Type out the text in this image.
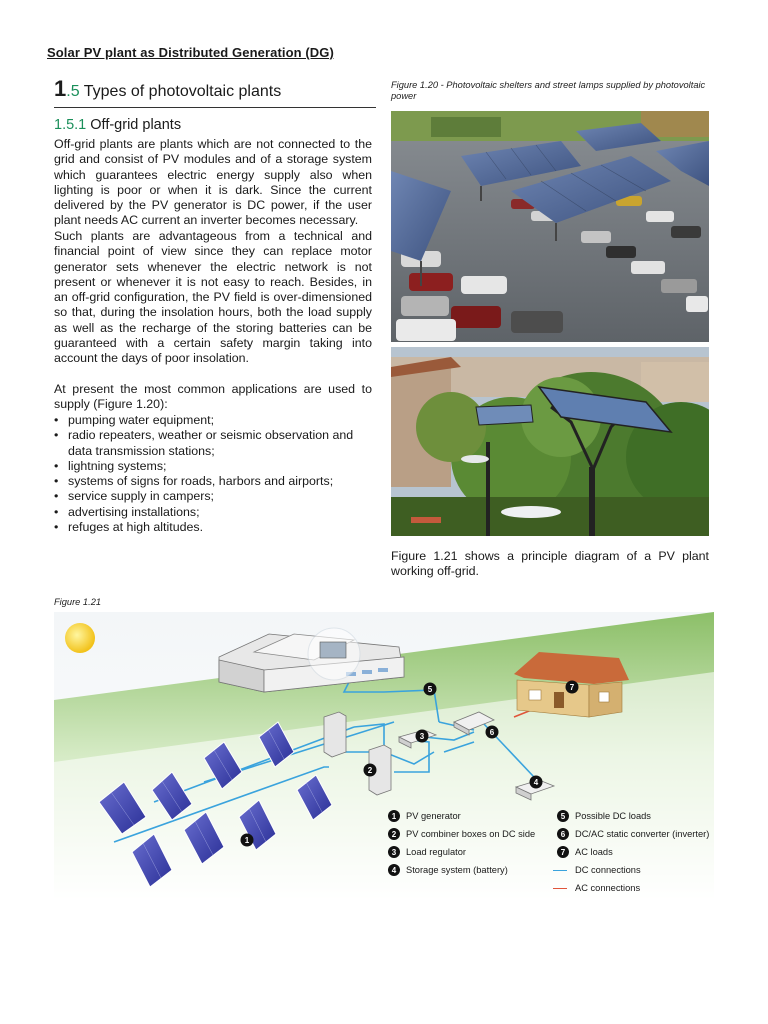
Solar PV plant as Distributed Generation (DG)
1.5 Types of photovoltaic plants
1.5.1 Off-grid plants
Off-grid plants are plants which are not connected to the grid and consist of PV modules and of a storage system which guarantees electric energy supply also when lighting is poor or when it is dark. Since the current delivered by the PV generator is DC power, if the user plant needs AC current an inverter becomes necessary.
Such plants are advantageous from a technical and financial point of view since they can replace motor generator sets whenever the electric network is not present or whenever it is not easy to reach. Besides, in an off-grid configuration, the PV field is over-dimensioned so that, during the insolation hours, both the load supply as well as the recharge of the storing batteries can be guaranteed with a certain safety margin taking into account the days of poor insolation.
At present the most common applications are used to supply (Figure 1.20):
• pumping water equipment;
• radio repeaters, weather or seismic observation and data transmission stations;
• lightning systems;
• systems of signs for roads, harbors and airports;
• service supply in campers;
• advertising installations;
• refuges at high altitudes.
Figure 1.20 - Photovoltaic shelters and street lamps supplied by photovoltaic power
Figure 1.21 shows a principle diagram of a PV plant working off-grid.
Figure 1.21
1
2
3
4
5
6
7
1	PV generator
2	PV combiner boxes on DC side
3	Load regulator
4	Storage system (battery)
5	Possible DC loads
6	DC/AC static converter (inverter)
7	AC loads
DC connections
AC connections
